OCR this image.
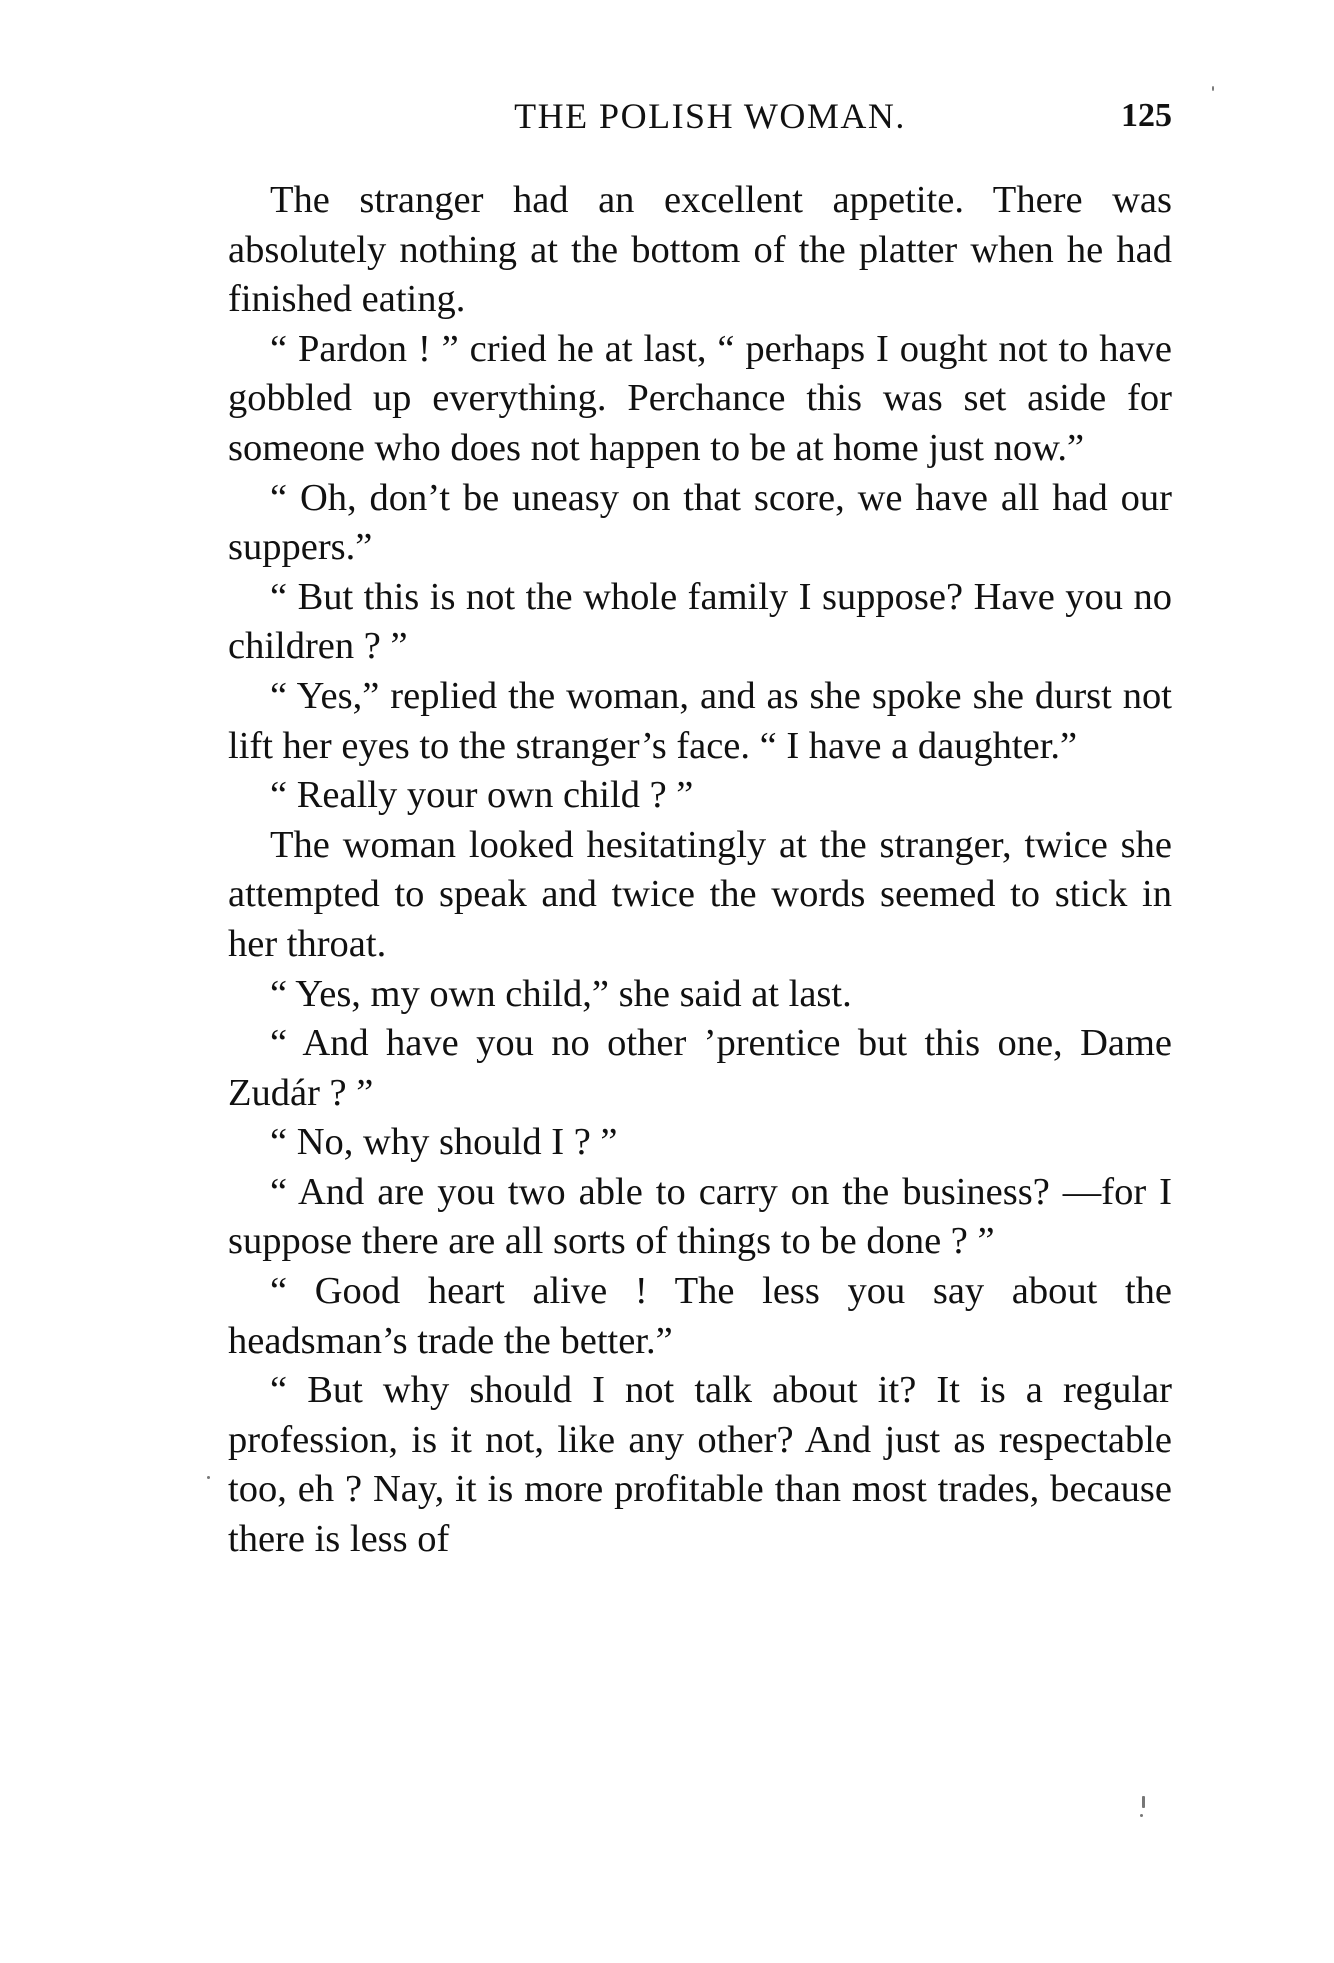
THE POLISH WOMAN.	125

The stranger had an excellent appetite. There was absolutely nothing at the bottom of the platter when he had finished eating.

“ Pardon ! ” cried he at last, “ perhaps I ought not to have gobbled up everything. Perchance this was set aside for someone who does not happen to be at home just now.”

“ Oh, don’t be uneasy on that score, we have all had our suppers.”

“ But this is not the whole family I suppose? Have you no children ? ”

“ Yes,” replied the woman, and as she spoke she durst not lift her eyes to the stranger’s face. “ I have a daughter.”

“ Really your own child ? ”

The woman looked hesitatingly at the stranger, twice she attempted to speak and twice the words seemed to stick in her throat.

“ Yes, my own child,” she said at last.

“ And have you no other ’prentice but this one, Dame Zudár ? ”

“ No, why should I ? ”

“ And are you two able to carry on the business? —for I suppose there are all sorts of things to be done ? ”

“ Good heart alive ! The less you say about the headsman’s trade the better.”

“ But why should I not talk about it? It is a regular profession, is it not, like any other? And just as respectable too, eh ? Nay, it is more profitable than most trades, because there is less of
